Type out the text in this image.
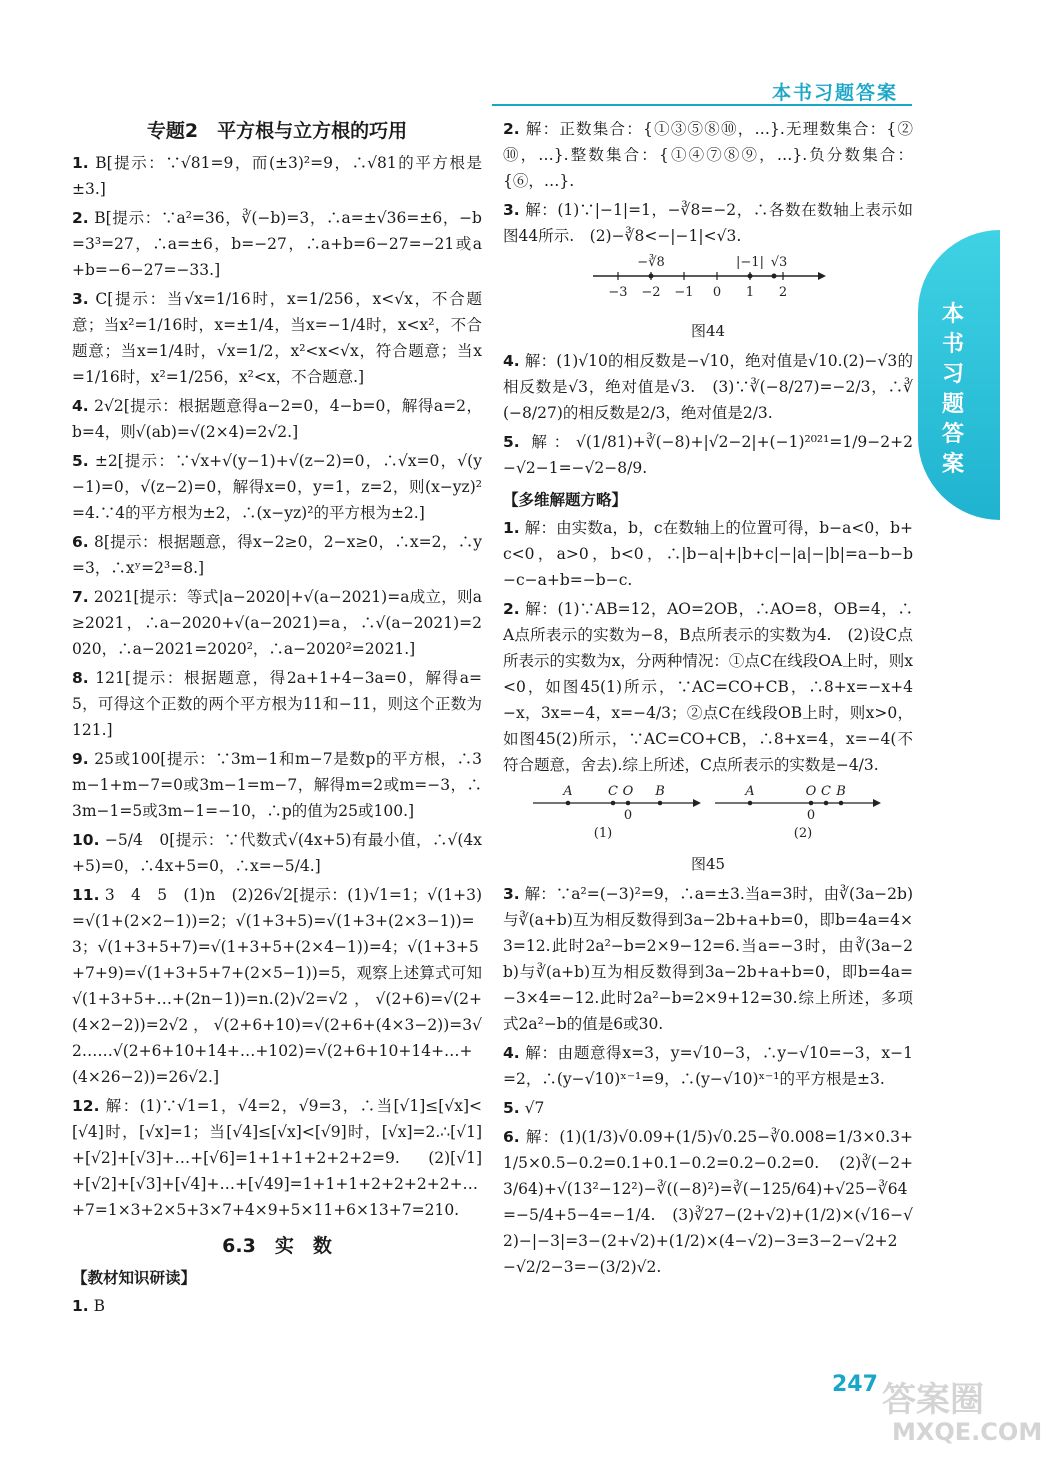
本书习题答案
本书习题答案
专题2　平方根与立方根的巧用
1. B[提示：∵√81=9，而(±3)²=9，∴√81的平方根是±3.]
2. B[提示：∵a²=36，∛(−b)=3，∴a=±√36=±6，−b=3³=27，∴a=±6，b=−27，∴a+b=6−27=−21或a+b=−6−27=−33.]
3. C[提示：当√x=1/16时，x=1/256，x<√x，不合题意；当x²=1/16时，x=±1/4，当x=−1/4时，x<x²，不合题意；当x=1/4时，√x=1/2，x²<x<√x，符合题意；当x=1/16时，x²=1/256，x²<x，不合题意.]
4. 2√2[提示：根据题意得a−2=0，4−b=0，解得a=2，b=4，则√(ab)=√(2×4)=2√2.]
5. ±2[提示：∵√x+√(y−1)+√(z−2)=0，∴√x=0，√(y−1)=0，√(z−2)=0，解得x=0，y=1，z=2，则(x−yz)²=4.∵4的平方根为±2，∴(x−yz)²的平方根为±2.]
6. 8[提示：根据题意，得x−2≥0，2−x≥0，∴x=2，∴y=3，∴xʸ=2³=8.]
7. 2021[提示：等式|a−2020|+√(a−2021)=a成立，则a≥2021，∴a−2020+√(a−2021)=a，∴√(a−2021)=2020，∴a−2021=2020²，∴a−2020²=2021.]
8. 121[提示：根据题意，得2a+1+4−3a=0，解得a=5，可得这个正数的两个平方根为11和−11，则这个正数为121.]
9. 25或100[提示：∵3m−1和m−7是数p的平方根，∴3m−1+m−7=0或3m−1=m−7，解得m=2或m=−3，∴3m−1=5或3m−1=−10，∴p的值为25或100.]
10. −5/4　0[提示：∵代数式√(4x+5)有最小值，∴√(4x+5)=0，∴4x+5=0，∴x=−5/4.]
11. 3　4　5　(1)n　(2)26√2[提示：(1)√1=1；√(1+3)=√(1+(2×2−1))=2；√(1+3+5)=√(1+3+(2×3−1))=3；√(1+3+5+7)=√(1+3+5+(2×4−1))=4；√(1+3+5+7+9)=√(1+3+5+7+(2×5−1))=5，观察上述算式可知√(1+3+5+…+(2n−1))=n.(2)√2=√2，√(2+6)=√(2+(4×2−2))=2√2，√(2+6+10)=√(2+6+(4×3−2))=3√2……√(2+6+10+14+…+102)=√(2+6+10+14+…+(4×26−2))=26√2.]
12. 解：(1)∵√1=1，√4=2，√9=3，∴当[√1]≤[√x]<[√4]时，[√x]=1；当[√4]≤[√x]<[√9]时，[√x]=2.∴[√1]+[√2]+[√3]+…+[√6]=1+1+1+2+2+2=9.　(2)[√1]+[√2]+[√3]+[√4]+…+[√49]=1+1+1+2+2+2+2+…+7=1×3+2×5+3×7+4×9+5×11+6×13+7=210.
6.3　实　数
【教材知识研读】
1. B
2. 解：正数集合：{①③⑤⑧⑩，…}.无理数集合：{②⑩，…}.整数集合：{①④⑦⑧⑨，…}.负分数集合：{⑥，…}.
3. 解：(1)∵|−1|=1，−∛8=−2，∴各数在数轴上表示如图44所示.　(2)−∛8<−|−1|<√3.
−3 −2 −1 0 1 2
−∛8	|−1| √3
图44
4. 解：(1)√10的相反数是−√10，绝对值是√10.(2)−√3的相反数是√3，绝对值是√3.　(3)∵∛(−8/27)=−2/3，∴∛(−8/27)的相反数是2/3，绝对值是2/3.
5. 解：√(1/81)+∛(−8)+|√2−2|+(−1)²⁰²¹=1/9−2+2−√2−1=−√2−8/9.
【多维解题方略】
1. 解：由实数a，b，c在数轴上的位置可得，b−a<0，b+c<0，a>0，b<0，∴|b−a|+|b+c|−|a|−|b|=a−b−b−c−a+b=−b−c.
2. 解：(1)∵AB=12，AO=2OB，∴AO=8，OB=4，∴A点所表示的实数为−8，B点所表示的实数为4.　(2)设C点所表示的实数为x，分两种情况：①点C在线段OA上时，则x<0，如图45(1)所示，∵AC=CO+CB，∴8+x=−x+4−x，3x=−4，x=−4/3；②点C在线段OB上时，则x>0，如图45(2)所示，∵AC=CO+CB，∴8+x=4，x=−4(不符合题意，舍去).综上所述，C点所表示的实数是−4/3.
A	C O B	A	O C B
0	0
(1)	(2)
图45
3. 解：∵a²=(−3)²=9，∴a=±3.当a=3时，由∛(3a−2b)与∛(a+b)互为相反数得到3a−2b+a+b=0，即b=4a=4×3=12.此时2a²−b=2×9−12=6.当a=−3时，由∛(3a−2b)与∛(a+b)互为相反数得到3a−2b+a+b=0，即b=4a=−3×4=−12.此时2a²−b=2×9+12=30.综上所述，多项式2a²−b的值是6或30.
4. 解：由题意得x=3，y=√10−3，∴y−√10=−3，x−1=2，∴(y−√10)ˣ⁻¹=9，∴(y−√10)ˣ⁻¹的平方根是±3.
5. √7
6. 解：(1)(1/3)√0.09+(1/5)√0.25−∛0.008=1/3×0.3+1/5×0.5−0.2=0.1+0.1−0.2=0.2−0.2=0.　(2)∛(−2+3/64)+√(13²−12²)−∛((−8)²)=∛(−125/64)+√25−∛64=−5/4+5−4=−1/4.　(3)∛27−(2+√2)+(1/2)×(√16−√2)−|−3|=3−(2+√2)+(1/2)×(4−√2)−3=3−2−√2+2−√2/2−3=−(3/2)√2.
247 答案圈
MXQE.COM
